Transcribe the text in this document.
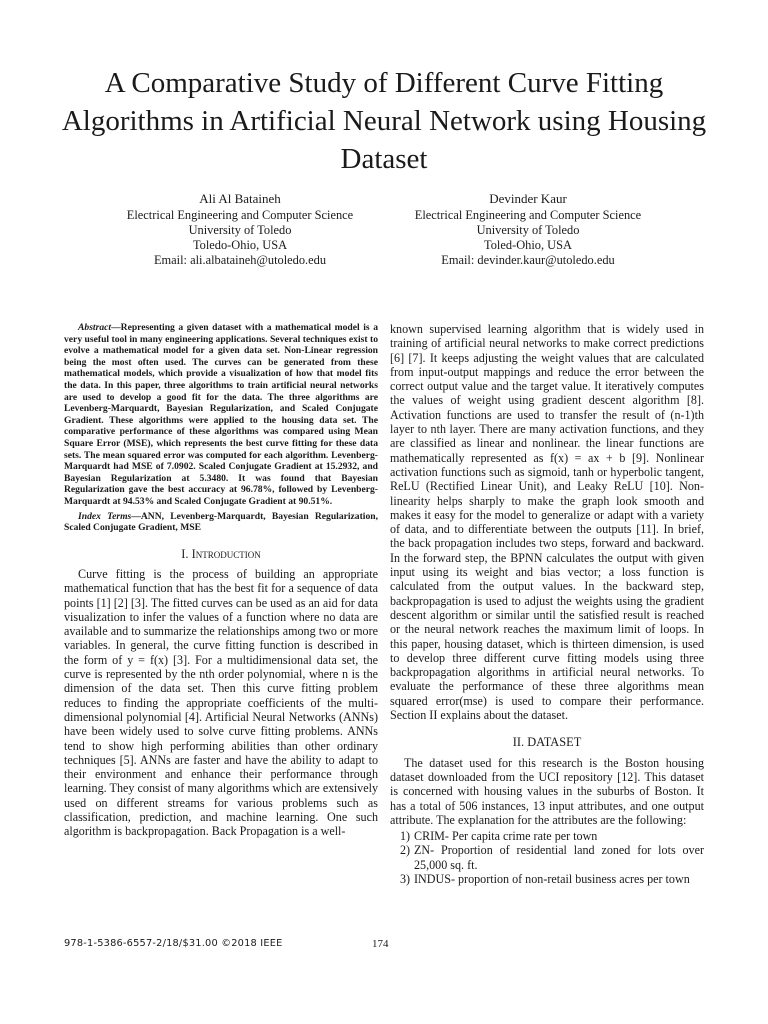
A Comparative Study of Different Curve Fitting Algorithms in Artificial Neural Network using Housing Dataset
Ali Al Bataineh
Electrical Engineering and Computer Science
University of Toledo
Toledo-Ohio, USA
Email: ali.albataineh@utoledo.edu
Devinder Kaur
Electrical Engineering and Computer Science
University of Toledo
Toled-Ohio, USA
Email: devinder.kaur@utoledo.edu

Abstract—Representing a given dataset with a mathematical model is a very useful tool in many engineering applications. Several techniques exist to evolve a mathematical model for a given data set. Non-Linear regression being the most often used. The curves can be generated from these mathematical models, which provide a visualization of how that model fits the data. In this paper, three algorithms to train artificial neural networks are used to develop a good fit for the data. The three algorithms are Levenberg-Marquardt, Bayesian Regularization, and Scaled Conjugate Gradient. These algorithms were applied to the housing data set. The comparative performance of these algorithms was compared using Mean Square Error (MSE), which represents the best curve fitting for these data sets. The mean squared error was computed for each algorithm. Levenberg-Marquardt had MSE of 7.0902. Scaled Conjugate Gradient at 15.2932, and Bayesian Regularization at 5.3480. It was found that Bayesian Regularization gave the best accuracy at 96.78%, followed by Levenberg-Marquardt at 94.53% and Scaled Conjugate Gradient at 90.51%.

Index Terms—ANN, Levenberg-Marquardt, Bayesian Regularization, Scaled Conjugate Gradient, MSE

I. Introduction

Curve fitting is the process of building an appropriate mathematical function that has the best fit for a sequence of data points [1] [2] [3]. The fitted curves can be used as an aid for data visualization to infer the values of a function where no data are available and to summarize the relationships among two or more variables. In general, the curve fitting function is described in the form of y = f(x) [3]. For a multidimensional data set, the curve is represented by the nth order polynomial, where n is the dimension of the data set. Then this curve fitting problem reduces to finding the appropriate coefficients of the multi-dimensional polynomial [4]. Artificial Neural Networks (ANNs) have been widely used to solve curve fitting problems. ANNs tend to show high performing abilities than other ordinary techniques [5]. ANNs are faster and have the ability to adapt to their environment and enhance their performance through learning. They consist of many algorithms which are extensively used on different streams for various problems such as classification, prediction, and machine learning. One such algorithm is backpropagation. Back Propagation is a well-

known supervised learning algorithm that is widely used in training of artificial neural networks to make correct predictions [6] [7]. It keeps adjusting the weight values that are calculated from input-output mappings and reduce the error between the correct output value and the target value. It iteratively computes the values of weight using gradient descent algorithm [8]. Activation functions are used to transfer the result of (n-1)th layer to nth layer. There are many activation functions, and they are classified as linear and nonlinear. the linear functions are mathematically represented as f(x) = ax + b [9]. Nonlinear activation functions such as sigmoid, tanh or hyperbolic tangent, ReLU (Rectified Linear Unit), and Leaky ReLU [10]. Non-linearity helps sharply to make the graph look smooth and makes it easy for the model to generalize or adapt with a variety of data, and to differentiate between the outputs [11]. In brief, the back propagation includes two steps, forward and backward. In the forward step, the BPNN calculates the output with given input using its weight and bias vector; a loss function is calculated from the output values. In the backward step, backpropagation is used to adjust the weights using the gradient descent algorithm or similar until the satisfied result is reached or the neural network reaches the maximum limit of loops. In this paper, housing dataset, which is thirteen dimension, is used to develop three different curve fitting models using three backpropagation algorithms in artificial neural networks. To evaluate the performance of these three algorithms mean squared error(mse) is used to compare their performance. Section II explains about the dataset.

II. DATASET

The dataset used for this research is the Boston housing dataset downloaded from the UCI repository [12]. This dataset is concerned with housing values in the suburbs of Boston. It has a total of 506 instances, 13 input attributes, and one output attribute. The explanation for the attributes are the following:

1) CRIM- Per capita crime rate per town
2) ZN- Proportion of residential land zoned for lots over 25,000 sq. ft.
3) INDUS- proportion of non-retail business acres per town
978-1-5386-6557-2/18/$31.00 ©2018 IEEE	174
